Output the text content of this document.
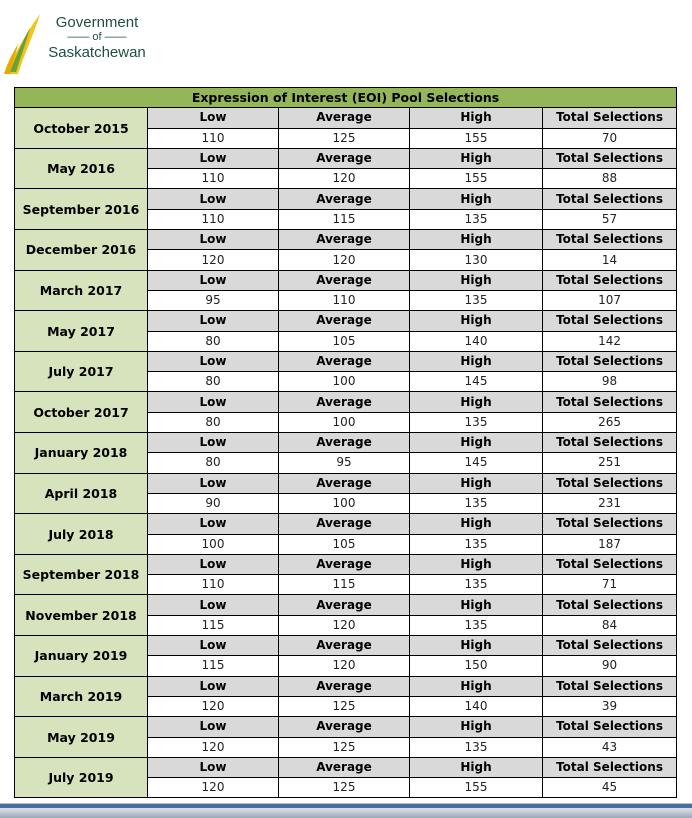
Government
—— of ——
Saskatchewan
Expression of Interest (EOI) Pool Selections				
October 2015	Low	Average	High	Total Selections
	110	125	155	70
May 2016	Low	Average	High	Total Selections
	110	120	155	88
September 2016	Low	Average	High	Total Selections
	110	115	135	57
December 2016	Low	Average	High	Total Selections
	120	120	130	14
March 2017	Low	Average	High	Total Selections
	95	110	135	107
May 2017	Low	Average	High	Total Selections
	80	105	140	142
July 2017	Low	Average	High	Total Selections
	80	100	145	98
October 2017	Low	Average	High	Total Selections
	80	100	135	265
January 2018	Low	Average	High	Total Selections
	80	95	145	251
April 2018	Low	Average	High	Total Selections
	90	100	135	231
July 2018	Low	Average	High	Total Selections
	100	105	135	187
September 2018	Low	Average	High	Total Selections
	110	115	135	71
November 2018	Low	Average	High	Total Selections
	115	120	135	84
January 2019	Low	Average	High	Total Selections
	115	120	150	90
March 2019	Low	Average	High	Total Selections
	120	125	140	39
May 2019	Low	Average	High	Total Selections
	120	125	135	43
July 2019	Low	Average	High	Total Selections
	120	125	155	45
